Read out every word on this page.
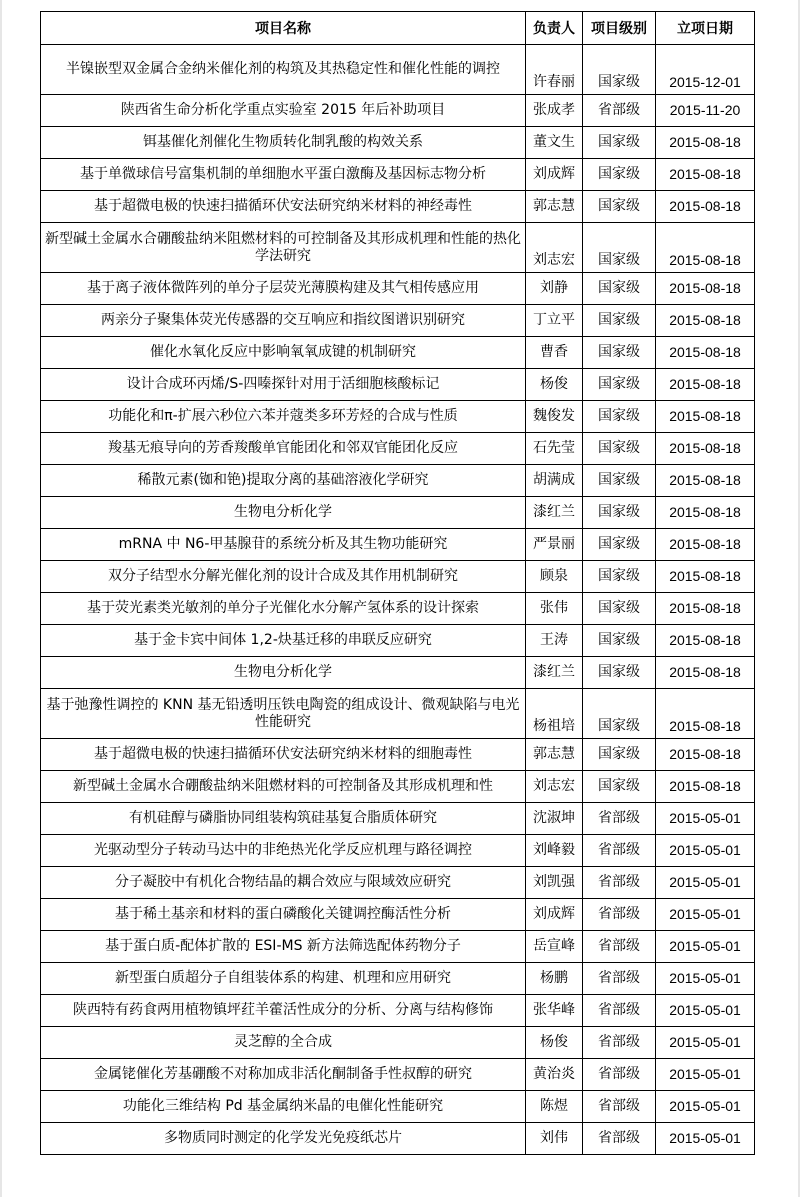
项目名称	负责人	项目级别	立项日期
半镍嵌型双金属合金纳米催化剂的构筑及其热稳定性和催化性能的调控	许春丽	国家级	2015-12-01
陕西省生命分析化学重点实验室 2015 年后补助项目	张成孝	省部级	2015-11-20
铒基催化剂催化生物质转化制乳酸的构效关系	董文生	国家级	2015-08-18
基于单微球信号富集机制的单细胞水平蛋白激酶及基因标志物分析	刘成辉	国家级	2015-08-18
基于超微电极的快速扫描循环伏安法研究纳米材料的神经毒性	郭志慧	国家级	2015-08-18
新型碱土金属水合硼酸盐纳米阻燃材料的可控制备及其形成机理和性能的热化学法研究	刘志宏	国家级	2015-08-18
基于离子液体微阵列的单分子层荧光薄膜构建及其气相传感应用	刘静	国家级	2015-08-18
两亲分子聚集体荧光传感器的交互响应和指纹图谱识别研究	丁立平	国家级	2015-08-18
催化水氧化反应中影响氧氧成键的机制研究	曹香	国家级	2015-08-18
设计合成环丙烯/S-四嗪探针对用于活细胞核酸标记	杨俊	国家级	2015-08-18
功能化和π-扩展六秒位六苯并蔻类多环芳烃的合成与性质	魏俊发	国家级	2015-08-18
羧基无痕导向的芳香羧酸单官能团化和邻双官能团化反应	石先莹	国家级	2015-08-18
稀散元素(铷和铯)提取分离的基础溶液化学研究	胡满成	国家级	2015-08-18
生物电分析化学	漆红兰	国家级	2015-08-18
mRNA 中 N6-甲基腺苷的系统分析及其生物功能研究	严景丽	国家级	2015-08-18
双分子结型水分解光催化剂的设计合成及其作用机制研究	顾泉	国家级	2015-08-18
基于荧光素类光敏剂的单分子光催化水分解产氢体系的设计探索	张伟	国家级	2015-08-18
基于金卡宾中间体 1,2-炔基迁移的串联反应研究	王涛	国家级	2015-08-18
生物电分析化学	漆红兰	国家级	2015-08-18
基于弛豫性调控的 KNN 基无铅透明压铁电陶瓷的组成设计、微观缺陷与电光性能研究	杨祖培	国家级	2015-08-18
基于超微电极的快速扫描循环伏安法研究纳米材料的细胞毒性	郭志慧	国家级	2015-08-18
新型碱土金属水合硼酸盐纳米阻燃材料的可控制备及其形成机理和性	刘志宏	国家级	2015-08-18
有机硅醇与磷脂协同组装构筑硅基复合脂质体研究	沈淑坤	省部级	2015-05-01
光驱动型分子转动马达中的非绝热光化学反应机理与路径调控	刘峰毅	省部级	2015-05-01
分子凝胶中有机化合物结晶的耦合效应与限域效应研究	刘凯强	省部级	2015-05-01
基于稀土基亲和材料的蛋白磷酸化关键调控酶活性分析	刘成辉	省部级	2015-05-01
基于蛋白质-配体扩散的 ESI-MS 新方法筛选配体药物分子	岳宣峰	省部级	2015-05-01
新型蛋白质超分子自组装体系的构建、机理和应用研究	杨鹏	省部级	2015-05-01
陕西特有药食两用植物镇坪荭羊藿活性成分的分析、分离与结构修饰	张华峰	省部级	2015-05-01
灵芝醇的全合成	杨俊	省部级	2015-05-01
金属铑催化芳基硼酸不对称加成非活化酮制备手性叔醇的研究	黄治炎	省部级	2015-05-01
功能化三维结构 Pd 基金属纳米晶的电催化性能研究	陈煜	省部级	2015-05-01
多物质同时测定的化学发光免疫纸芯片	刘伟	省部级	2015-05-01
